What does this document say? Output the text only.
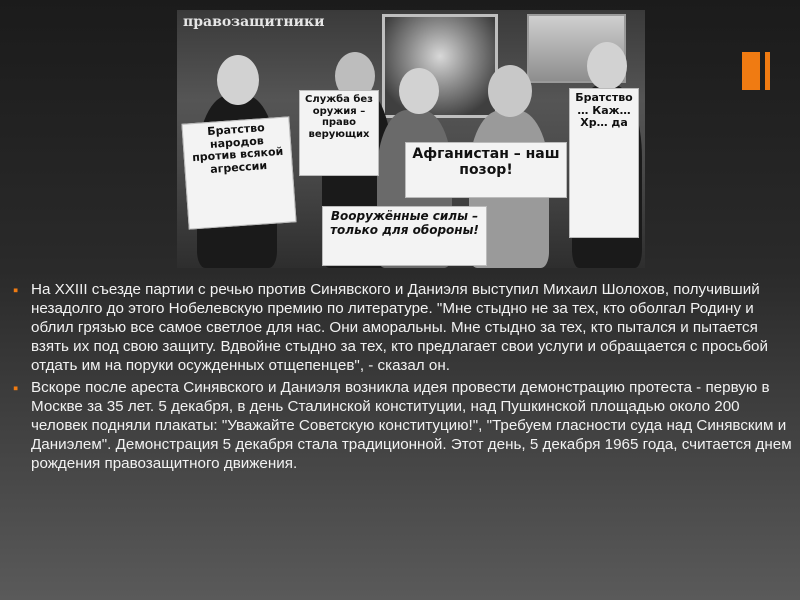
правозащитники
Братство народов против всякой агрессии
Служба без оружия – право верующих
Афганистан – наш позор!
Вооружённые силы – только для обороны!
Братство … Каж… Хр… да
▪ На XXIII съезде партии с речью против Синявского и Даниэля выступил Михаил Шолохов, получивший незадолго до этого Нобелевскую премию по литературе. "Мне стыдно не за тех, кто оболгал Родину и облил грязью все самое светлое для нас. Они аморальны. Мне стыдно за тех, кто пытался и пытается взять их под свою защиту. Вдвойне стыдно за тех, кто предлагает свои услуги и обращается с просьбой отдать им на поруки осужденных отщепенцев", - сказал он.
▪ Вскоре после ареста Синявского и Даниэля возникла идея провести демонстрацию протеста - первую в Москве за 35 лет. 5 декабря, в день Сталинской конституции, над Пушкинской площадью около 200 человек подняли плакаты: "Уважайте Советскую конституцию!", "Требуем гласности суда над Синявским и Даниэлем". Демонстрация 5 декабря стала традиционной. Этот день, 5 декабря 1965 года, считается днем рождения правозащитного движения.
